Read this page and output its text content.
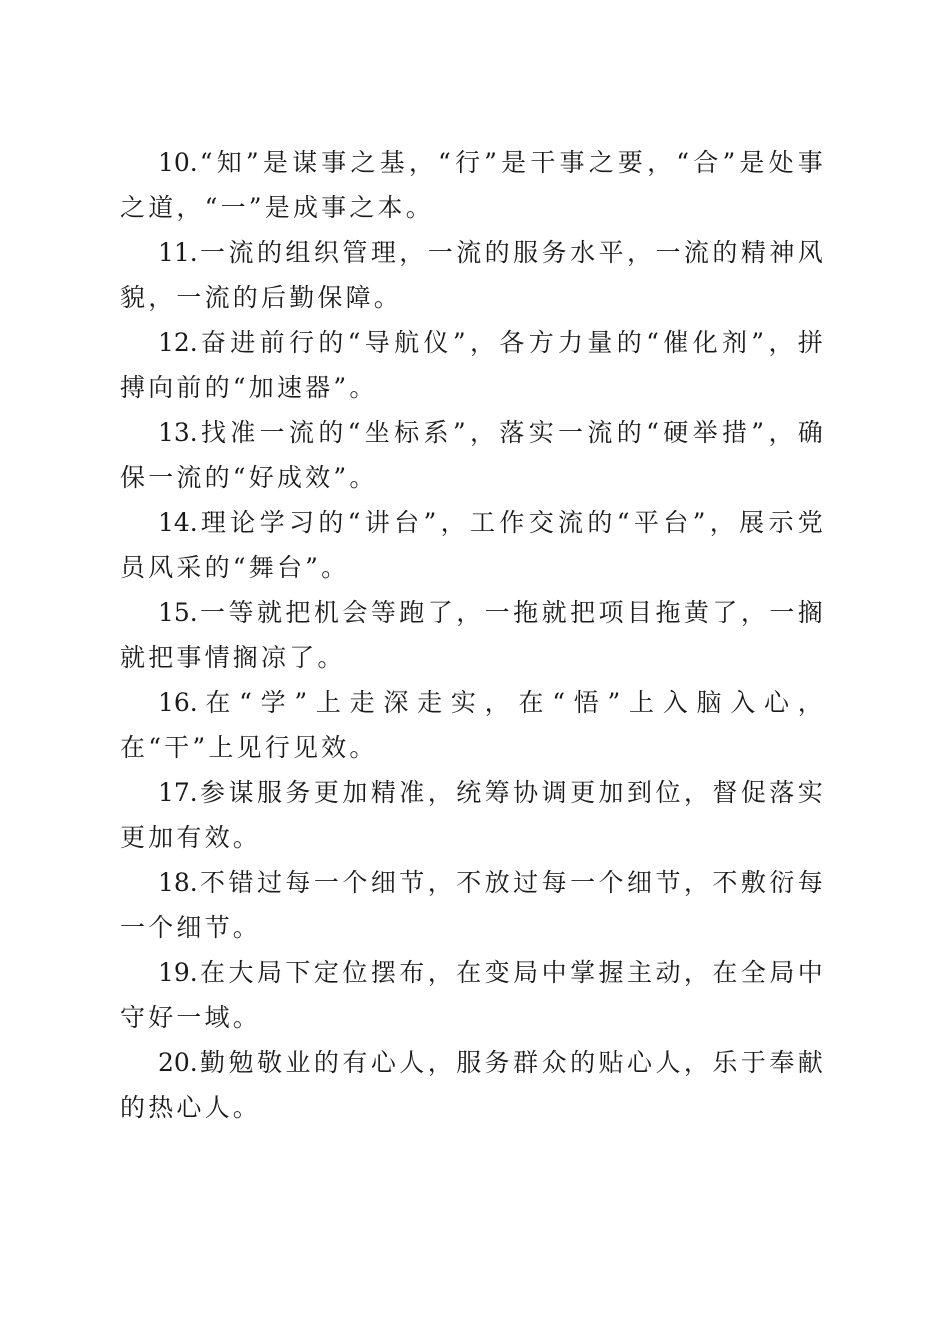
10.“知”是谋事之基，“行”是干事之要，“合”是处事之道，“一”是成事之本。

11.一流的组织管理，一流的服务水平，一流的精神风貌，一流的后勤保障。

12.奋进前行的“导航仪”，各方力量的“催化剂”，拼搏向前的“加速器”。

13.找准一流的“坐标系”，落实一流的“硬举措”，确保一流的“好成效”。

14.理论学习的“讲台”，工作交流的“平台”，展示党员风采的“舞台”。

15.一等就把机会等跑了，一拖就把项目拖黄了，一搁就把事情搁凉了。

16.在“学”上走深走实，在“悟”上入脑入心，在“干”上见行见效。

17.参谋服务更加精准，统筹协调更加到位，督促落实更加有效。

18.不错过每一个细节，不放过每一个细节，不敷衍每一个细节。

19.在大局下定位摆布，在变局中掌握主动，在全局中守好一域。

20.勤勉敬业的有心人，服务群众的贴心人，乐于奉献的热心人。
